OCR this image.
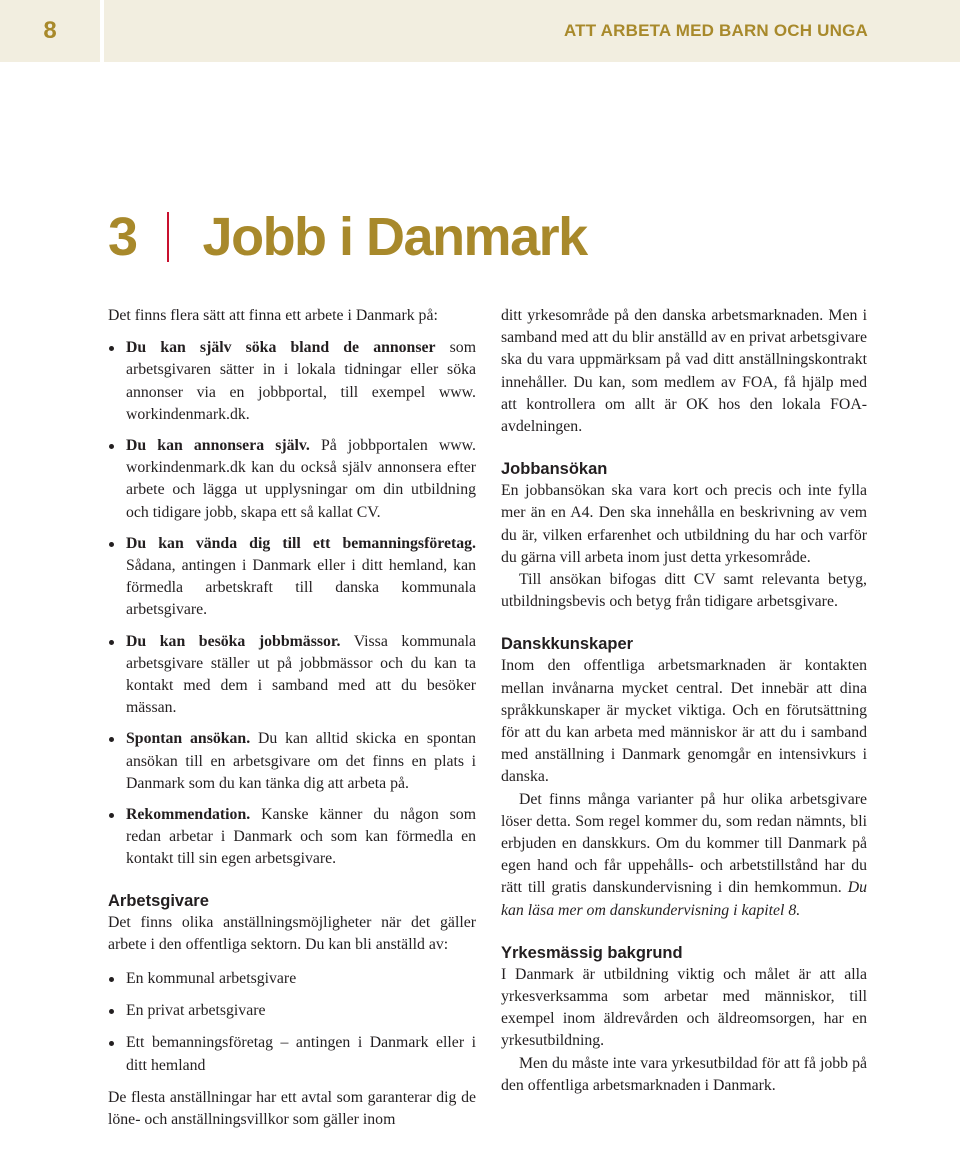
8	ATT ARBETA MED BARN OCH UNGA
3 Jobb i Danmark

Det finns flera sätt att finna ett arbete i Danmark på:

Du kan själv söka bland de annonser som arbetsgivaren sätter in i lokala tidningar eller söka annonser via en jobbportal, till exempel www. workindenmark.dk.
Du kan annonsera själv. På jobbportalen www. workindenmark.dk kan du också själv annonsera efter arbete och lägga ut upplysningar om din utbildning och tidigare jobb, skapa ett så kallat CV.
Du kan vända dig till ett bemanningsföretag. Sådana, antingen i Danmark eller i ditt hemland, kan förmedla arbetskraft till danska kommunala arbetsgivare.
Du kan besöka jobbmässor. Vissa kommunala arbetsgivare ställer ut på jobbmässor och du kan ta kontakt med dem i samband med att du besöker mässan.
Spontan ansökan. Du kan alltid skicka en spontan ansökan till en arbetsgivare om det finns en plats i Danmark som du kan tänka dig att arbeta på.
Rekommendation. Kanske känner du någon som redan arbetar i Danmark och som kan förmedla en kontakt till sin egen arbetsgivare.
Arbetsgivare

Det finns olika anställningsmöjligheter när det gäller arbete i den offentliga sektorn. Du kan bli anställd av:

En kommunal arbetsgivare
En privat arbetsgivare
Ett bemanningsföretag – antingen i Danmark eller i ditt hemland

De flesta anställningar har ett avtal som garanterar dig de löne- och anställningsvillkor som gäller inom

ditt yrkesområde på den danska arbetsmarknaden. Men i samband med att du blir anställd av en privat arbetsgivare ska du vara uppmärksam på vad ditt anställningskontrakt innehåller. Du kan, som medlem av FOA, få hjälp med att kontrollera om allt är OK hos den lokala FOA-avdelningen.

Jobbansökan

En jobbansökan ska vara kort och precis och inte fylla mer än en A4. Den ska innehålla en beskrivning av vem du är, vilken erfarenhet och utbildning du har och varför du gärna vill arbeta inom just detta yrkesområde.

Till ansökan bifogas ditt CV samt relevanta betyg, utbildningsbevis och betyg från tidigare arbetsgivare.

Danskkunskaper

Inom den offentliga arbetsmarknaden är kontakten mellan invånarna mycket central. Det innebär att dina språkkunskaper är mycket viktiga. Och en förutsättning för att du kan arbeta med människor är att du i samband med anställning i Danmark genomgår en intensivkurs i danska.

Det finns många varianter på hur olika arbetsgivare löser detta. Som regel kommer du, som redan nämnts, bli erbjuden en danskkurs. Om du kommer till Danmark på egen hand och får uppehålls- och arbetstillstånd har du rätt till gratis danskundervisning i din hemkommun. Du kan läsa mer om danskundervisning i kapitel 8.

Yrkesmässig bakgrund

I Danmark är utbildning viktig och målet är att alla yrkesverksamma som arbetar med människor, till exempel inom äldrevården och äldreomsorgen, har en yrkesutbildning.

Men du måste inte vara yrkesutbildad för att få jobb på den offentliga arbetsmarknaden i Danmark.
